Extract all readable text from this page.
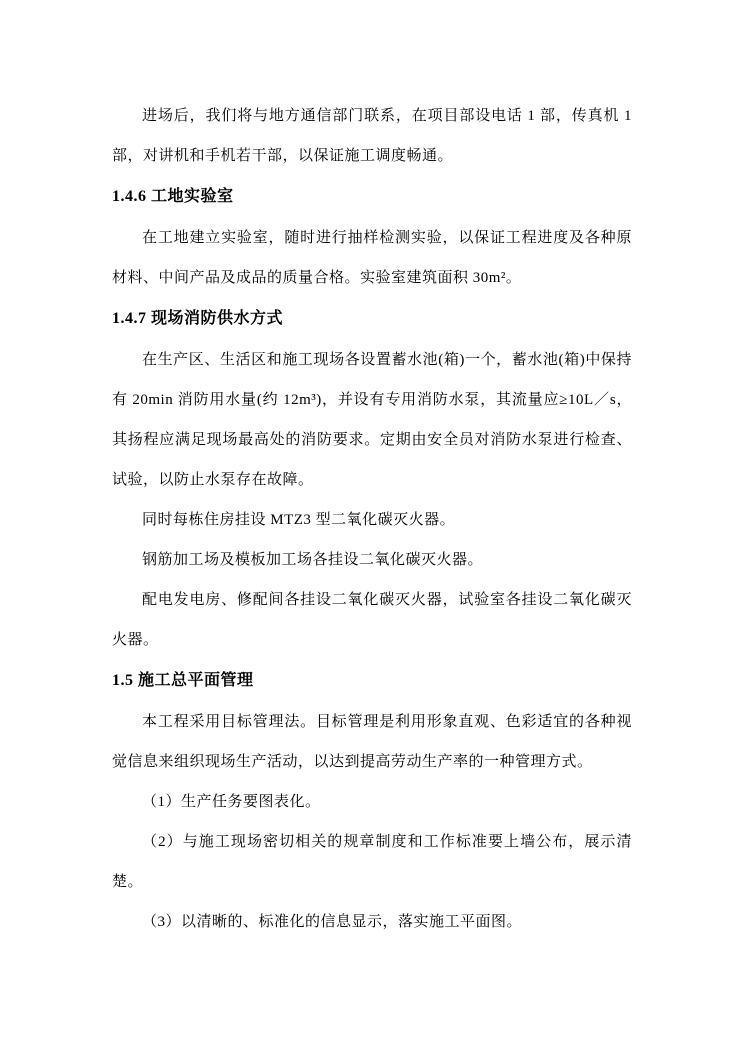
进场后，我们将与地方通信部门联系，在项目部设电话 1 部，传真机 1 部，对讲机和手机若干部，以保证施工调度畅通。

1.4.6 工地实验室

在工地建立实验室，随时进行抽样检测实验，以保证工程进度及各种原材料、中间产品及成品的质量合格。实验室建筑面积 30m²。

1.4.7 现场消防供水方式

在生产区、生活区和施工现场各设置蓄水池(箱)一个，蓄水池(箱)中保持有 20min 消防用水量(约 12m³)，并设有专用消防水泵，其流量应≥10L／s，其扬程应满足现场最高处的消防要求。定期由安全员对消防水泵进行检查、试验，以防止水泵存在故障。

同时每栋住房挂设 MTZ3 型二氧化碳灭火器。

钢筋加工场及模板加工场各挂设二氧化碳灭火器。

配电发电房、修配间各挂设二氧化碳灭火器，试验室各挂设二氧化碳灭火器。

1.5 施工总平面管理

本工程采用目标管理法。目标管理是利用形象直观、色彩适宜的各种视觉信息来组织现场生产活动，以达到提高劳动生产率的一种管理方式。

（1）生产任务要图表化。

（2）与施工现场密切相关的规章制度和工作标准要上墙公布，展示清楚。

（3）以清晰的、标准化的信息显示，落实施工平面图。
